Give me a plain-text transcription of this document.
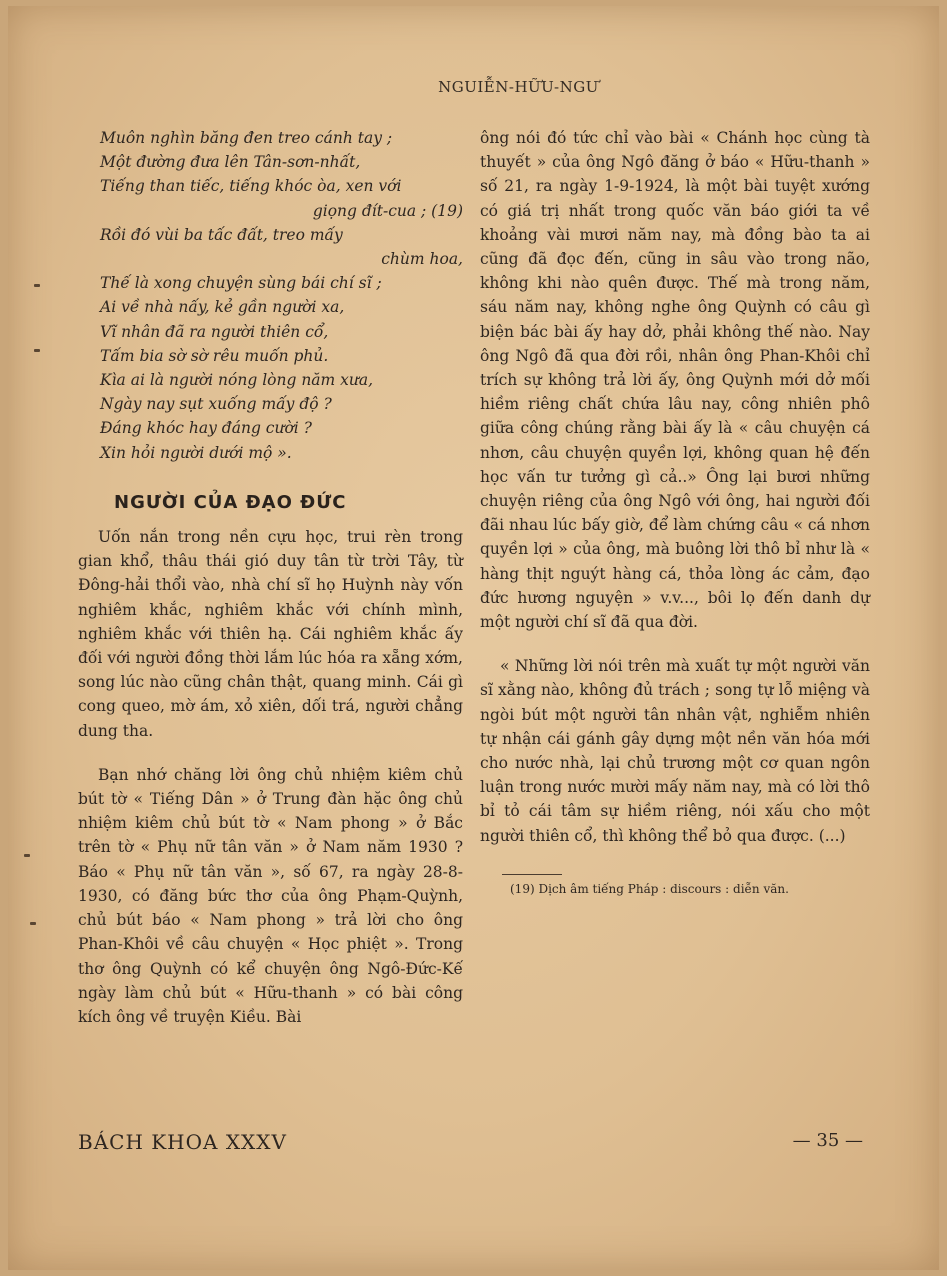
NGUIỄN-HỮU-NGƯ
Muôn nghìn băng đen treo cánh tay ;
Một đường đưa lên Tân-sơn-nhất,
Tiếng than tiếc, tiếng khóc òa, xen với
giọng đít-cua ; (19)
Rồi đó vùi ba tấc đất, treo mấy
chùm hoa,
Thế là xong chuyện sùng bái chí sĩ ;
Ai về nhà nấy, kẻ gần người xa,
Vĩ nhân đã ra người thiên cổ,
Tấm bia sờ sờ rêu muốn phủ.
Kìa ai là người nóng lòng năm xưa,
Ngày nay sụt xuống mấy độ ?
Đáng khóc hay đáng cười ?
Xin hỏi người dưới mộ ».
NGƯỜI CỦA ĐẠO ĐỨC

Uốn nắn trong nền cựu học, trui rèn trong gian khổ, thâu thái gió duy tân từ trời Tây, từ Đông-hải thổi vào, nhà chí sĩ họ Huỳnh này vốn nghiêm khắc, nghiêm khắc với chính mình, nghiêm khắc với thiên hạ. Cái nghiêm khắc ấy đối với người đồng thời lắm lúc hóa ra xẵng xớm, song lúc nào cũng chân thật, quang minh. Cái gì cong queo, mờ ám, xỏ xiên, dối trá, người chẳng dung tha.

Bạn nhớ chăng lời ông chủ nhiệm kiêm chủ bút tờ « Tiếng Dân » ở Trung đàn hặc ông chủ nhiệm kiêm chủ bút tờ « Nam phong » ở Bắc trên tờ « Phụ nữ tân văn » ở Nam năm 1930 ? Báo « Phụ nữ tân văn », số 67, ra ngày 28-8-1930, có đăng bức thơ của ông Phạm-Quỳnh, chủ bút báo « Nam phong » trả lời cho ông Phan-Khôi về câu chuyện « Học phiệt ». Trong thơ ông Quỳnh có kể chuyện ông Ngô-Đức-Kế ngày làm chủ bút « Hữu-thanh » có bài công kích ông về truyện Kiều. Bài

ông nói đó tức chỉ vào bài « Chánh học cùng tà thuyết » của ông Ngô đăng ở báo « Hữu-thanh » số 21, ra ngày 1-9-1924, là một bài tuyệt xướng có giá trị nhất trong quốc văn báo giới ta về khoảng vài mươi năm nay, mà đồng bào ta ai cũng đã đọc đến, cũng in sâu vào trong não, không khi nào quên được. Thế mà trong năm, sáu năm nay, không nghe ông Quỳnh có câu gì biện bác bài ấy hay dở, phải không thế nào. Nay ông Ngô đã qua đời rồi, nhân ông Phan-Khôi chỉ trích sự không trả lời ấy, ông Quỳnh mới dở mối hiềm riêng chất chứa lâu nay, công nhiên phô giữa công chúng rằng bài ấy là « câu chuyện cá nhơn, câu chuyện quyền lợi, không quan hệ đến học vấn tư tưởng gì cả..» Ông lại bươi những chuyện riêng của ông Ngô với ông, hai người đối đãi nhau lúc bấy giờ, để làm chứng câu « cá nhơn quyền lợi » của ông, mà buông lời thô bỉ như là « hàng thịt nguýt hàng cá, thỏa lòng ác cảm, đạo đức hương nguyện » v.v..., bôi lọ đến danh dự một người chí sĩ đã qua đời.

« Những lời nói trên mà xuất tự một người văn sĩ xằng nào, không đủ trách ; song tự lỗ miệng và ngòi bút một người tân nhân vật, nghiễm nhiên tự nhận cái gánh gây dựng một nền văn hóa mới cho nước nhà, lại chủ trương một cơ quan ngôn luận trong nước mười mấy năm nay, mà có lời thô bỉ tỏ cái tâm sự hiềm riêng, nói xấu cho một người thiên cổ, thì không thể bỏ qua được. (...)

(19) Dịch âm tiếng Pháp : discours : diễn văn.
BÁCH KHOA XXXV	— 35 —
